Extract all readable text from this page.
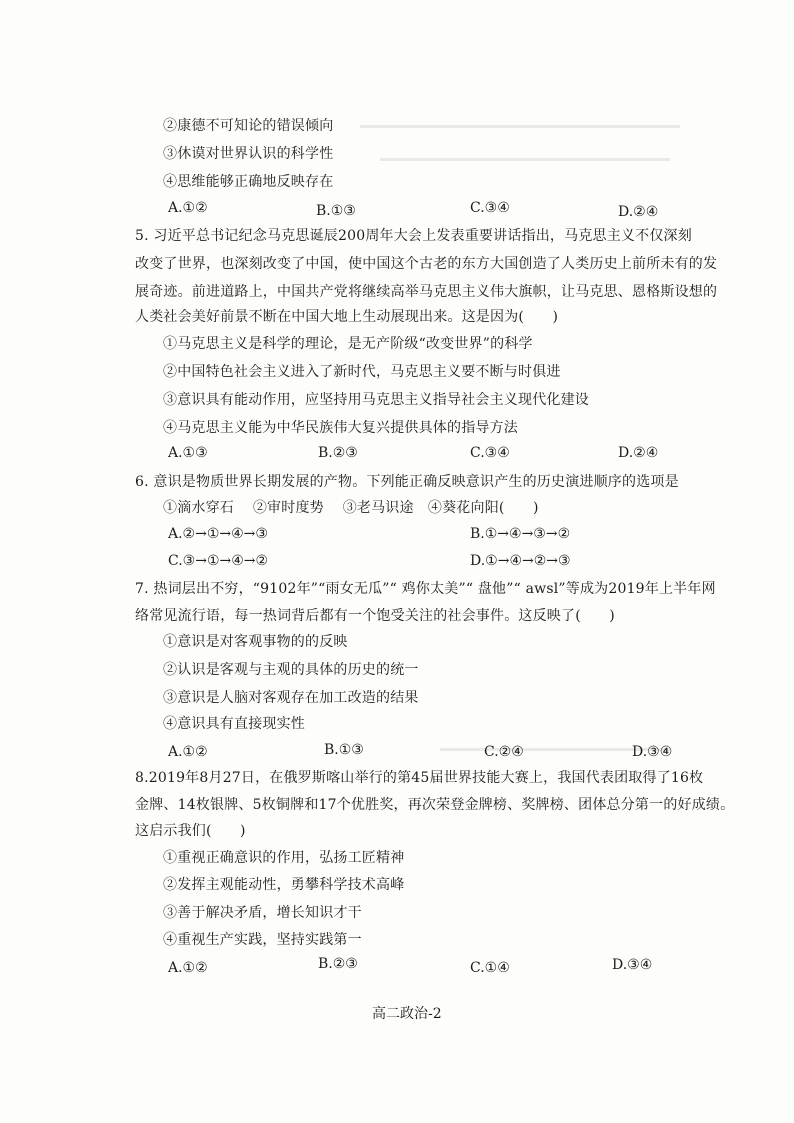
②康德不可知论的错误倾向
③休谟对世界认识的科学性
④思维能够正确地反映存在
A.①②	B.①③	C.③④	D.②④
5. 习近平总书记纪念马克思诞辰200周年大会上发表重要讲话指出，马克思主义不仅深刻
改变了世界，也深刻改变了中国，使中国这个古老的东方大国创造了人类历史上前所未有的发
展奇迹。前进道路上，中国共产党将继续高举马克思主义伟大旗帜，让马克思、恩格斯设想的
人类社会美好前景不断在中国大地上生动展现出来。这是因为(　　)
①马克思主义是科学的理论，是无产阶级“改变世界”的科学
②中国特色社会主义进入了新时代，马克思主义要不断与时俱进
③意识具有能动作用，应坚持用马克思主义指导社会主义现代化建设
④马克思主义能为中华民族伟大复兴提供具体的指导方法
A.①③	B.②③	C.③④	D.②④
6. 意识是物质世界长期发展的产物。下列能正确反映意识产生的历史演进顺序的选项是
①滴水穿石　 ②审时度势　 ③老马识途　④葵花向阳(　　)
A.②→①→④→③	B.①→④→③→②
C.③→①→④→②	D.①→④→②→③
7. 热词层出不穷，“9102年”“雨女无瓜”“ 鸡你太美”“ 盘他”“ awsl”等成为2019年上半年网
络常见流行语，每一热词背后都有一个饱受关注的社会事件。这反映了(　　)
①意识是对客观事物的的反映
②认识是客观与主观的具体的历史的统一
③意识是人脑对客观存在加工改造的结果
④意识具有直接现实性
A.①②	B.①③	C.②④	D.③④
8.2019年8月27日，在俄罗斯喀山举行的第45届世界技能大赛上，我国代表团取得了16枚
金牌、14枚银牌、5枚铜牌和17个优胜奖，再次荣登金牌榜、奖牌榜、团体总分第一的好成绩。
这启示我们(　　)
①重视正确意识的作用，弘扬工匠精神
②发挥主观能动性，勇攀科学技术高峰
③善于解决矛盾，增长知识才干
④重视生产实践，坚持实践第一
A.①②	B.②③	C.①④	D.③④
高二政治-2
